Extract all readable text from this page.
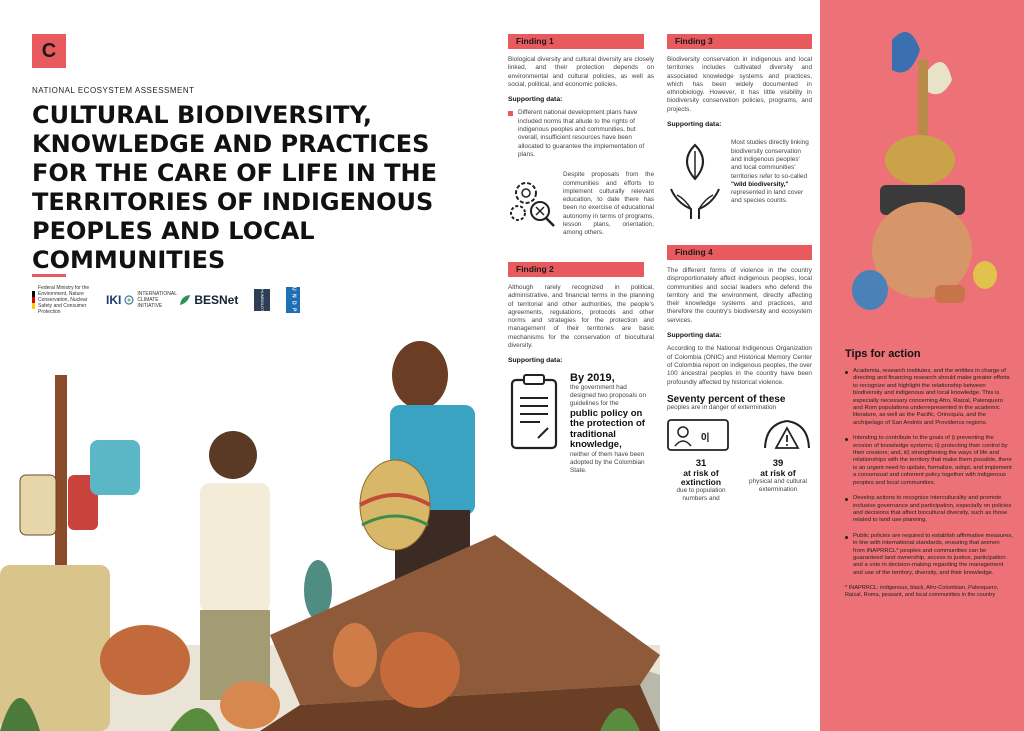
C
NATIONAL ECOSYSTEM ASSESSMENT
CULTURAL BIODIVERSITY, KNOWLEDGE AND PRACTICES FOR THE CARE OF LIFE IN THE TERRITORIES OF INDIGENOUS PEOPLES AND LOCAL COMMUNITIES
Federal Ministry for the Environment, Nature Conservation, Nuclear Safety and Consumer Protection
IKI	INTERNATIONAL CLIMATE INITIATIVE	BESNet	HUMBOLDT	U N D P
Finding 1

Biological diversity and cultural diversity are closely linked, and their protection depends on environmental and cultural policies, as well as social, political, and economic policies.

Supporting data:

Different national development plans have included norms that allude to the rights of indigenous peoples and communities, but overall, insufficient resources have been allocated to guarantee the implementation of plans.

Despite proposals from the communities and efforts to implement culturally relevant education, to date there has been no exercise of educational autonomy in terms of programs, lesson plans, orientation, among others.

Finding 2

Although rarely recognized in political, administrative, and financial terms in the planning of territorial and other authorities, the people's agreements, regulations, protocols and other norms and strategies for the protection and management of their territories are basic mechanisms for the conservation of biocultural diversity.

Supporting data:
By 2019,

the government had designed two proposals on guidelines for the

public policy on the protection of traditional knowledge,

neither of them have been adopted by the Colombian State.

Finding 3

Biodiversity conservation in indigenous and local territories includes cultivated diversity and associated knowledge systems and practices, which has been widely documented in ethnobiology. However, it has little visibility in biodiversity conservation policies, programs, and projects.

Supporting data:
Most studies directly linking biodiversity conservation and indigenous peoples' and local communities' territories refer to so-called "wild biodiversity," represented in land cover and species counts.
Finding 4

The different forms of violence in the country disproportionately affect indigenous peoples, local communities and social leaders who defend the territory and the environment, directly affecting their knowledge systems and practices, and therefore the country's biodiversity and ecosystem services.

Supporting data:

According to the National Indigenous Organization of Colombia (ONIC) and Historical Memory Center of Colombia report on indigenous peoples, the over 100 ancestral peoples in the country have been profoundly affected by historical violence.

Seventy percent of these
peoples are in danger of extermination
0|
31
at risk of extinction
due to population numbers and
39
at risk of
physical and cultural extermination
Tips for action

Academia, research institutes, and the entities in charge of directing and financing research should make greater efforts to recognize and highlight the relationship between biodiversity and indigenous and local knowledge. This is especially necessary concerning Afro, Raizal, Palenquero and Rom populations underrepresented in the academic literature, as well as the Pacific, Orinoquía, and the archipelago of San Andrés and Providence regions.

Intending to contribute to the goals of i) preventing the erosion of knowledge systems; ii) protecting their control by their creators; and, iii) strengthening the ways of life and relationships with the territory that make them possible, there is an urgent need to update, formalize, adopt, and implement a consensual and coherent policy together with indigenous peoples and local communities.

Develop actions to recognize interculturality and promote inclusive governance and participation, especially on policies and decisions that affect biocultural diversity, such as those related to land use planning.

Public policies are required to establish affirmative measures, in line with international standards, ensuring that women from INAPRRCL* peoples and communities can be guaranteed land ownership, access to justice, participation and a vote in decision-making regarding the management and use of the territory, diversity, and their knowledge.

* INAPRRCL: indigenous, black, Afro-Colombian, Palenquero, Raizal, Roma, peasant, and local communities in the country
